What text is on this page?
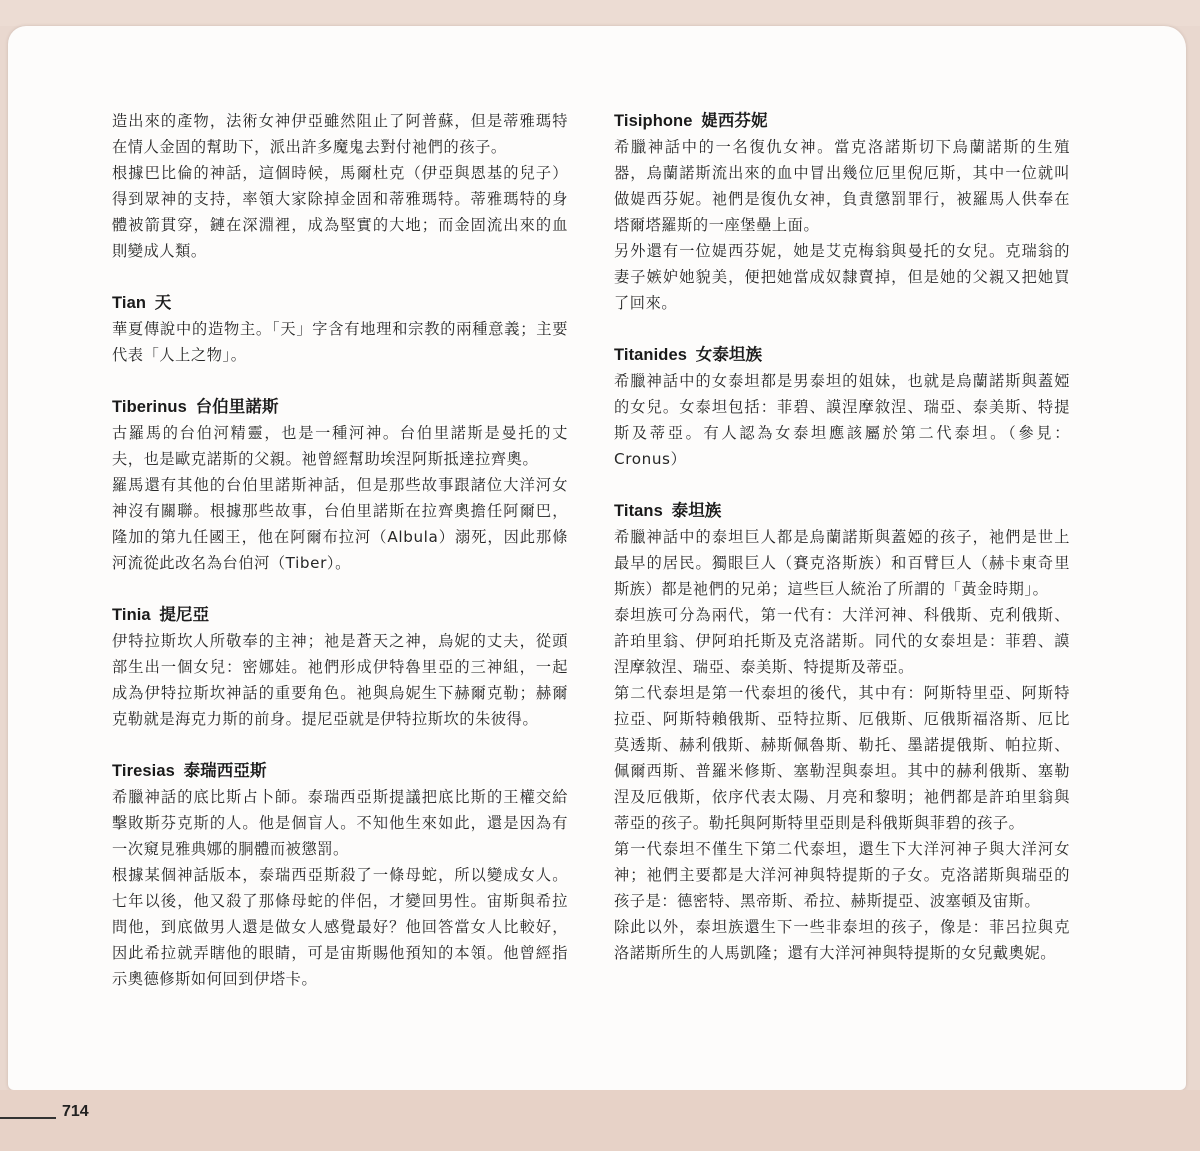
造出來的產物，法術女神伊亞雖然阻止了阿普蘇，但是蒂雅瑪特在情人金固的幫助下，派出許多魔鬼去對付祂們的孩子。

根據巴比倫的神話，這個時候，馬爾杜克（伊亞與恩基的兒子）得到眾神的支持，率領大家除掉金固和蒂雅瑪特。蒂雅瑪特的身體被箭貫穿，鏈在深淵裡，成為堅實的大地；而金固流出來的血則變成人類。

Tian 天

華夏傳說中的造物主。「天」字含有地理和宗教的兩種意義；主要代表「人上之物」。

Tiberinus 台伯里諾斯

古羅馬的台伯河精靈，也是一種河神。台伯里諾斯是曼托的丈夫，也是歐克諾斯的父親。祂曾經幫助埃涅阿斯抵達拉齊奧。

羅馬還有其他的台伯里諾斯神話，但是那些故事跟諸位大洋河女神沒有關聯。根據那些故事，台伯里諾斯在拉齊奧擔任阿爾巴，隆加的第九任國王，他在阿爾布拉河（Albula）溺死，因此那條河流從此改名為台伯河（Tiber）。

Tinia 提尼亞

伊特拉斯坎人所敬奉的主神；祂是蒼天之神，烏妮的丈夫，從頭部生出一個女兒：密娜娃。祂們形成伊特魯里亞的三神組，一起成為伊特拉斯坎神話的重要角色。祂與烏妮生下赫爾克勒；赫爾克勒就是海克力斯的前身。提尼亞就是伊特拉斯坎的朱彼得。

Tiresias 泰瑞西亞斯

希臘神話的底比斯占卜師。泰瑞西亞斯提議把底比斯的王權交給擊敗斯芬克斯的人。他是個盲人。不知他生來如此，還是因為有一次窺見雅典娜的胴體而被懲罰。

根據某個神話版本，泰瑞西亞斯殺了一條母蛇，所以變成女人。七年以後，他又殺了那條母蛇的伴侶，才變回男性。宙斯與希拉問他，到底做男人還是做女人感覺最好？他回答當女人比較好，因此希拉就弄瞎他的眼睛，可是宙斯賜他預知的本領。他曾經指示奧德修斯如何回到伊塔卡。

Tisiphone 媞西芬妮

希臘神話中的一名復仇女神。當克洛諾斯切下烏蘭諾斯的生殖器，烏蘭諾斯流出來的血中冒出幾位厄里倪厄斯，其中一位就叫做媞西芬妮。祂們是復仇女神，負責懲罰罪行，被羅馬人供奉在塔爾塔羅斯的一座堡壘上面。

另外還有一位媞西芬妮，她是艾克梅翁與曼托的女兒。克瑞翁的妻子嫉妒她貌美，便把她當成奴隸賣掉，但是她的父親又把她買了回來。

Titanides 女泰坦族

希臘神話中的女泰坦都是男泰坦的姐妹，也就是烏蘭諾斯與蓋婭的女兒。女泰坦包括：菲碧、謨涅摩敘涅、瑞亞、泰美斯、特提斯及蒂亞。有人認為女泰坦應該屬於第二代泰坦。（參見：Cronus）

Titans 泰坦族

希臘神話中的泰坦巨人都是烏蘭諾斯與蓋婭的孩子，祂們是世上最早的居民。獨眼巨人（賽克洛斯族）和百臂巨人（赫卡東奇里斯族）都是祂們的兄弟；這些巨人統治了所謂的「黃金時期」。

泰坦族可分為兩代，第一代有：大洋河神、科俄斯、克利俄斯、許珀里翁、伊阿珀托斯及克洛諾斯。同代的女泰坦是：菲碧、謨涅摩敘涅、瑞亞、泰美斯、特提斯及蒂亞。

第二代泰坦是第一代泰坦的後代，其中有：阿斯特里亞、阿斯特拉亞、阿斯特賴俄斯、亞特拉斯、厄俄斯、厄俄斯福洛斯、厄比莫透斯、赫利俄斯、赫斯佩魯斯、勒托、墨諾提俄斯、帕拉斯、佩爾西斯、普羅米修斯、塞勒涅與泰坦。其中的赫利俄斯、塞勒涅及厄俄斯，依序代表太陽、月亮和黎明；祂們都是許珀里翁與蒂亞的孩子。勒托與阿斯特里亞則是科俄斯與菲碧的孩子。

第一代泰坦不僅生下第二代泰坦，還生下大洋河神子與大洋河女神；祂們主要都是大洋河神與特提斯的子女。克洛諾斯與瑞亞的孩子是：德密特、黑帝斯、希拉、赫斯提亞、波塞頓及宙斯。

除此以外，泰坦族還生下一些非泰坦的孩子，像是：菲呂拉與克洛諾斯所生的人馬凱隆；還有大洋河神與特提斯的女兒戴奧妮。

714
